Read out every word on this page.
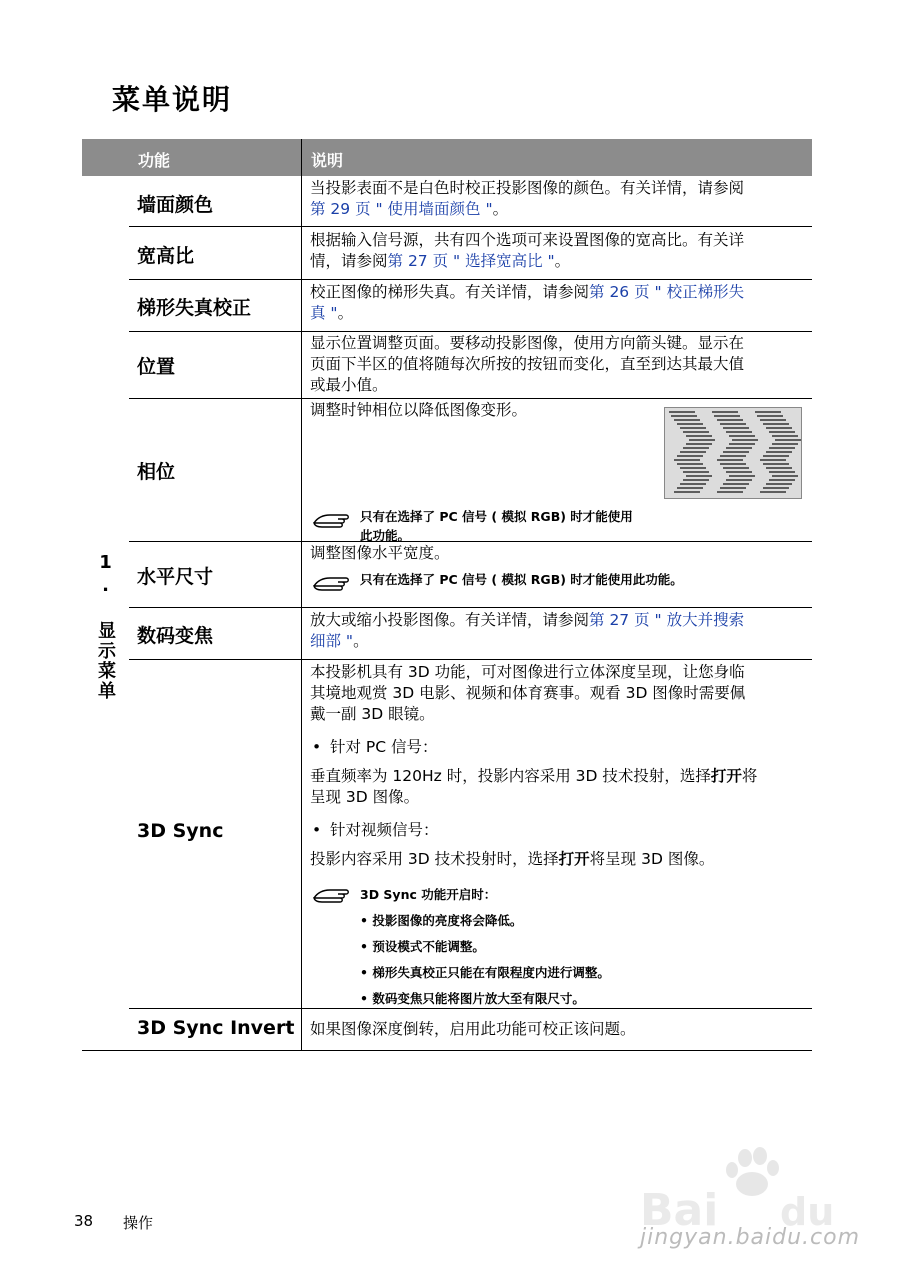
菜单说明
功能	说明
1. 显示菜单
墙面颜色
当投影表面不是白色时校正投影图像的颜色。有关详情，请参阅第 29 页 " 使用墙面颜色 "。
宽高比
根据输入信号源，共有四个选项可来设置图像的宽高比。有关详情，请参阅第 27 页 " 选择宽高比 "。
梯形失真校正
校正图像的梯形失真。有关详情，请参阅第 26 页 " 校正梯形失真 "。
位置
显示位置调整页面。要移动投影图像，使用方向箭头键。显示在页面下半区的值将随每次所按的按钮而变化，直至到达其最大值或最小值。
相位
调整时钟相位以降低图像变形。
只有在选择了 PC 信号 ( 模拟 RGB) 时才能使用此功能。
水平尺寸
调整图像水平宽度。
只有在选择了 PC 信号 ( 模拟 RGB) 时才能使用此功能。
数码变焦
放大或缩小投影图像。有关详情，请参阅第 27 页 " 放大并搜索细部 "。
3D Sync
本投影机具有 3D 功能，可对图像进行立体深度呈现，让您身临其境地观赏 3D 电影、视频和体育赛事。观看 3D 图像时需要佩戴一副 3D 眼镜。
• 针对 PC 信号：
垂直频率为 120Hz 时，投影内容采用 3D 技术投射，选择打开将呈现 3D 图像。
• 针对视频信号：
投影内容采用 3D 技术投射时，选择打开将呈现 3D 图像。
3D Sync 功能开启时：
• 投影图像的亮度将会降低。
• 预设模式不能调整。
• 梯形失真校正只能在有限程度内进行调整。
• 数码变焦只能将图片放大至有限尺寸。
3D Sync Invert 如果图像深度倒转，启用此功能可校正该问题。
Bai du
jingyan.baidu.com
38 操作
